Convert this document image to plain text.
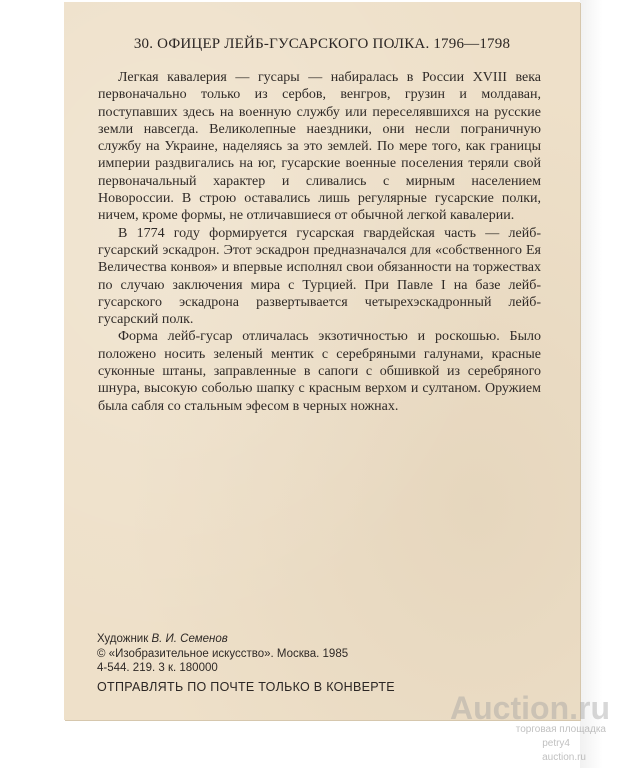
30. ОФИЦЕР ЛЕЙБ-ГУСАРСКОГО ПОЛКА. 1796—1798

Легкая кавалерия — гусары — набиралась в России XVIII века первоначально только из сербов, венгров, грузин и молдаван, поступавших здесь на военную службу или переселявшихся на русские земли навсегда. Великолепные наездники, они несли пограничную службу на Украине, наделяясь за это землей. По мере того, как границы империи раздвигались на юг, гусарские военные поселения теряли свой первоначальный характер и сливались с мирным населением Новороссии. В строю оставались лишь регулярные гусарские полки, ничем, кроме формы, не отличавшиеся от обычной легкой кавалерии.

В 1774 году формируется гусарская гвардейская часть — лейб-гусарский эскадрон. Этот эскадрон предназначался для «собственного Ея Величества конвоя» и впервые исполнял свои обязанности на торжествах по случаю заключения мира с Турцией. При Павле I на базе лейб-гусарского эскадрона развертывается четырехэскадронный лейб-гусарский полк.

Форма лейб-гусар отличалась экзотичностью и роскошью. Было положено носить зеленый ментик с серебряными галунами, красные суконные штаны, заправленные в сапоги с обшивкой из серебряного шнура, высокую соболью шапку с красным верхом и султаном. Оружием была сабля со стальным эфесом в черных ножнах.

Художник В. И. Семенов
© «Изобразительное искусство». Москва. 1985
4-544. 219. 3 к. 180000
ОТПРАВЛЯТЬ ПО ПОЧТЕ ТОЛЬКО В КОНВЕРТЕ
Auction.ru
торговая площадка
petry4
auction.ru
